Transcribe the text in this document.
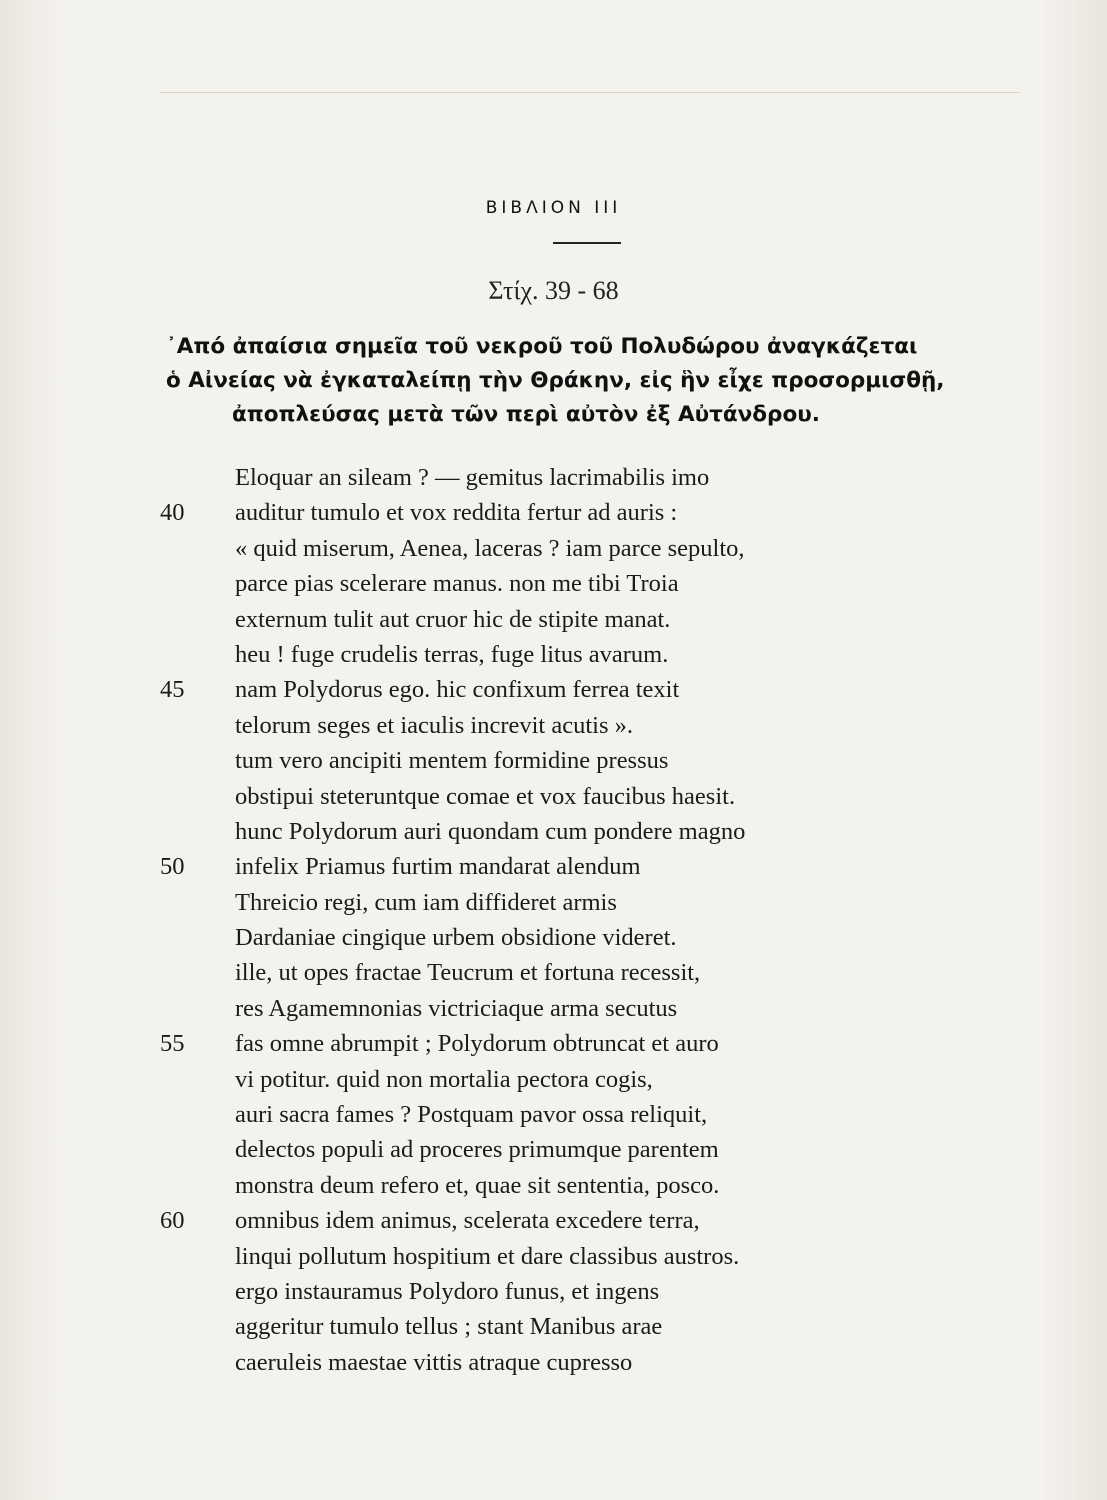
ΒΙΒΛΙΟΝ III
Στίχ. 39 - 68
᾿Από ἀπαίσια σημεῖα τοῦ νεκροῦ τοῦ Πολυδώρου ἀναγκάζεται
ὁ Αἰνείας νὰ ἐγκαταλείπῃ τὴν Θράκην, εἰς ἣν εἶχε προσορμισθῇ,
ἀποπλεύσας μετὰ τῶν περὶ αὐτὸν ἐξ Αὐτάνδρου.
Eloquar an sileam ? — gemitus lacrimabilis imo
40	auditur tumulo et vox reddita fertur ad auris :
« quid miserum, Aenea, laceras ? iam parce sepulto,
parce pias scelerare manus. non me tibi Troia
externum tulit aut cruor hic de stipite manat.
heu ! fuge crudelis terras, fuge litus avarum.
45	nam Polydorus ego. hic confixum ferrea texit
telorum seges et iaculis increvit acutis ».
tum vero ancipiti mentem formidine pressus
obstipui steteruntque comae et vox faucibus haesit.
hunc Polydorum auri quondam cum pondere magno
50	infelix Priamus furtim mandarat alendum
Threicio regi, cum iam diffideret armis
Dardaniae cingique urbem obsidione videret.
ille, ut opes fractae Teucrum et fortuna recessit,
res Agamemnonias victriciaque arma secutus
55	fas omne abrumpit ; Polydorum obtruncat et auro
vi potitur. quid non mortalia pectora cogis,
auri sacra fames ? Postquam pavor ossa reliquit,
delectos populi ad proceres primumque parentem
monstra deum refero et, quae sit sententia, posco.
60	omnibus idem animus, scelerata excedere terra,
linqui pollutum hospitium et dare classibus austros.
ergo instauramus Polydoro funus, et ingens
aggeritur tumulo tellus ; stant Manibus arae
caeruleis maestae vittis atraque cupresso
